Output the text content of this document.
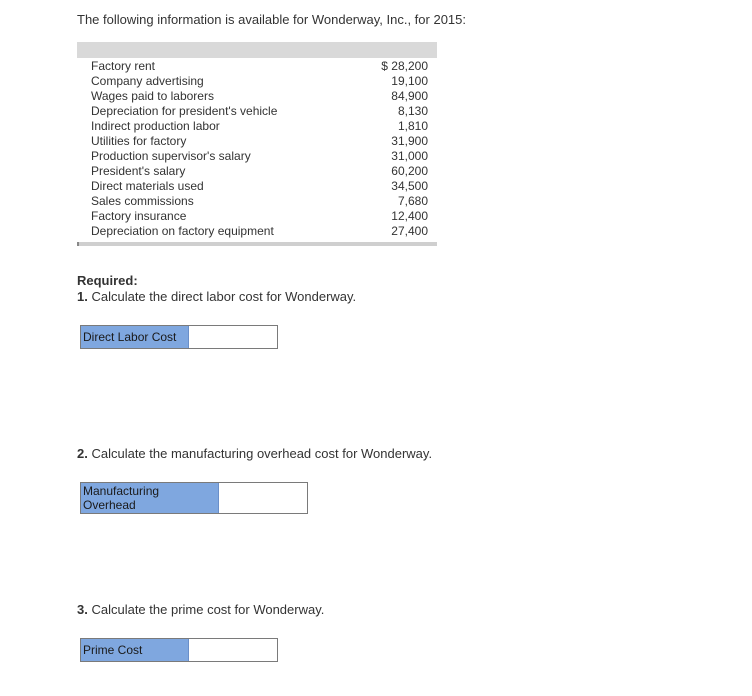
The following information is available for Wonderway, Inc., for 2015:
Factory rent	$ 28,200
Company advertising	19,100
Wages paid to laborers	84,900
Depreciation for president's vehicle	8,130
Indirect production labor	1,810
Utilities for factory	31,900
Production supervisor's salary	31,000
President's salary	60,200
Direct materials used	34,500
Sales commissions	7,680
Factory insurance	12,400
Depreciation on factory equipment	27,400
Required:
1. Calculate the direct labor cost for Wonderway.
Direct Labor Cost
2. Calculate the manufacturing overhead cost for Wonderway.
Manufacturing
Overhead
3. Calculate the prime cost for Wonderway.
Prime Cost
